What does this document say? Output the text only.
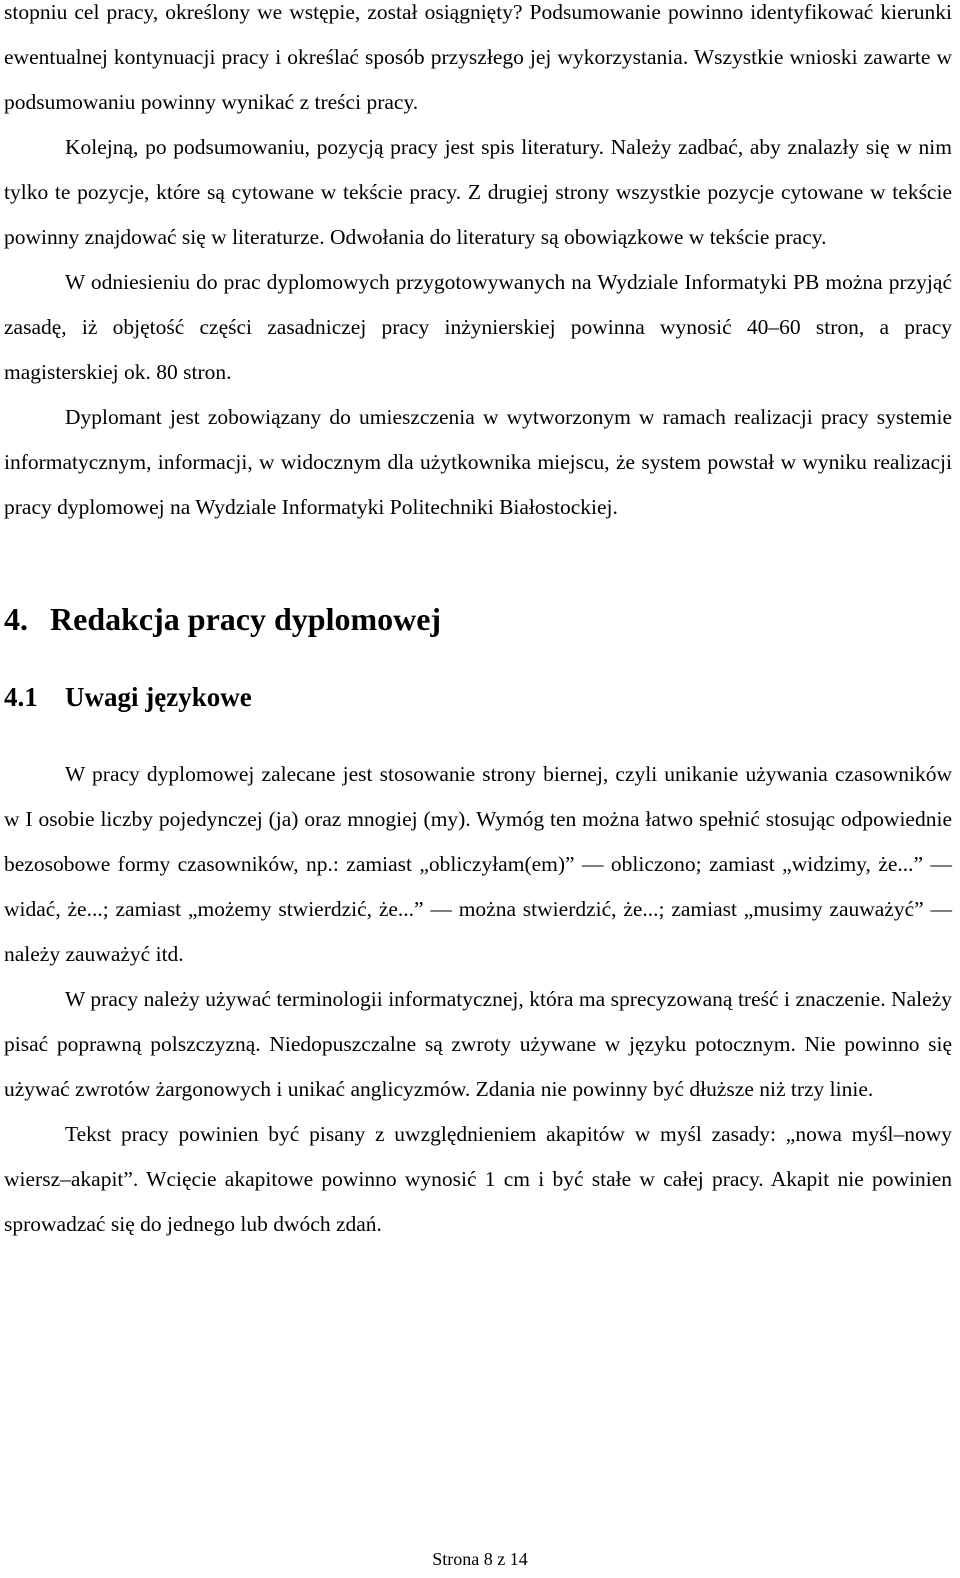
stopniu cel pracy, określony we wstępie, został osiągnięty? Podsumowanie powinno identyfikować kierunki ewentualnej kontynuacji pracy i określać sposób przyszłego jej wykorzystania. Wszystkie wnioski zawarte w podsumowaniu powinny wynikać z treści pracy.

Kolejną, po podsumowaniu, pozycją pracy jest spis literatury. Należy zadbać, aby znalazły się w nim tylko te pozycje, które są cytowane w tekście pracy. Z drugiej strony wszystkie pozycje cytowane w tekście powinny znajdować się w literaturze. Odwołania do literatury są obowiązkowe w tekście pracy.

W odniesieniu do prac dyplomowych przygotowywanych na Wydziale Informatyki PB można przyjąć zasadę, iż objętość części zasadniczej pracy inżynierskiej powinna wynosić 40–60 stron, a pracy magisterskiej ok. 80 stron.

Dyplomant jest zobowiązany do umieszczenia w wytworzonym w ramach realizacji pracy systemie informatycznym, informacji, w widocznym dla użytkownika miejscu, że system powstał w wyniku realizacji pracy dyplomowej na Wydziale Informatyki Politechniki Białostockiej.

4. Redakcja pracy dyplomowej
4.1 Uwagi językowe

W pracy dyplomowej zalecane jest stosowanie strony biernej, czyli unikanie używania czasowników w I osobie liczby pojedynczej (ja) oraz mnogiej (my). Wymóg ten można łatwo spełnić stosując odpowiednie bezosobowe formy czasowników, np.: zamiast „obliczyłam(em)” — obliczono; zamiast „widzimy, że...” — widać, że...; zamiast „możemy stwierdzić, że...” — można stwierdzić, że...; zamiast „musimy zauważyć” — należy zauważyć itd.

W pracy należy używać terminologii informatycznej, która ma sprecyzowaną treść i znaczenie. Należy pisać poprawną polszczyzną. Niedopuszczalne są zwroty używane w języku potocznym. Nie powinno się używać zwrotów żargonowych i unikać anglicyzmów. Zdania nie powinny być dłuższe niż trzy linie.

Tekst pracy powinien być pisany z uwzględnieniem akapitów w myśl zasady: „nowa myśl–nowy wiersz–akapit”. Wcięcie akapitowe powinno wynosić 1 cm i być stałe w całej pracy. Akapit nie powinien sprowadzać się do jednego lub dwóch zdań.

Strona 8 z 14
